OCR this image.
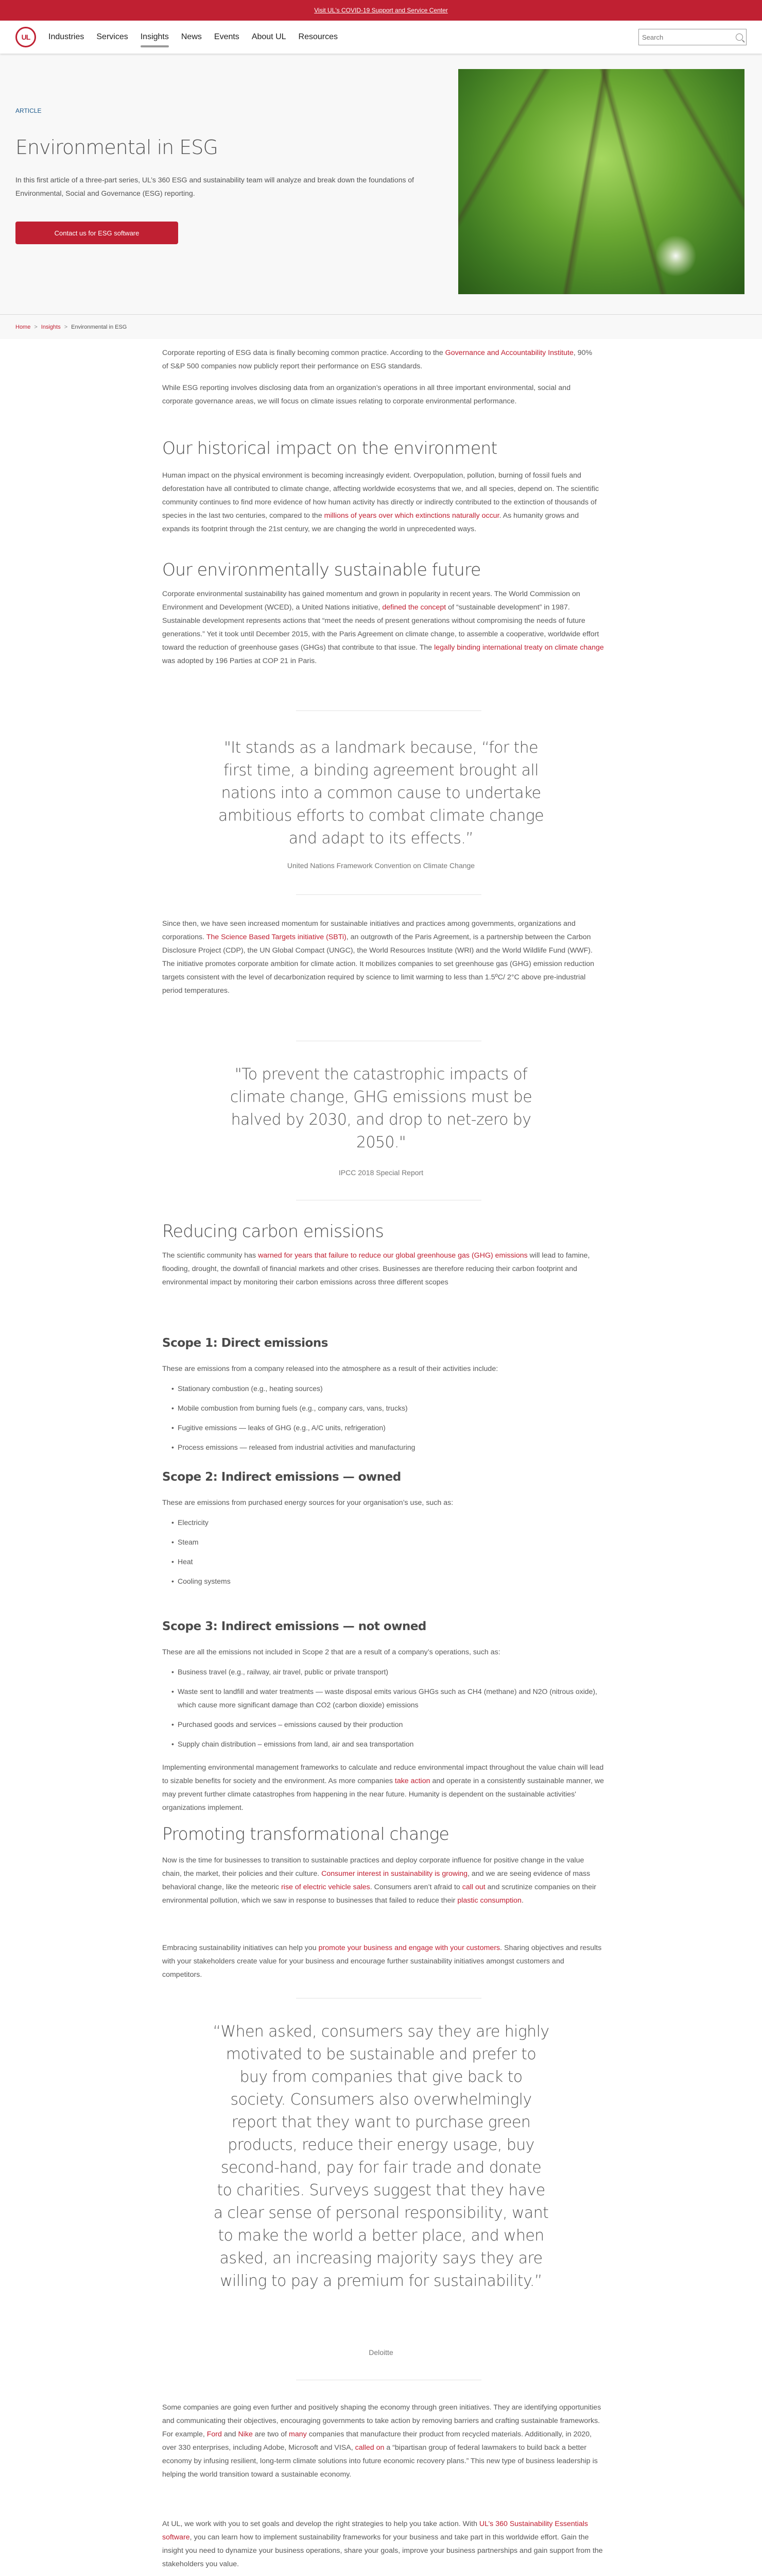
Visit UL's COVID-19 Support and Service Center
UL	Industries Services Insights News Events About UL Resources
Search
ARTICLE
Environmental in ESG

In this first article of a three-part series, UL’s 360 ESG and sustainability team will analyze and break down the foundations of Environmental, Social and Governance (ESG) reporting.

Contact us for ESG software
Home > Insights > Environmental in ESG

Corporate reporting of ESG data is finally becoming common practice. According to the Governance and Accountability Institute, 90% of S&P 500 companies now publicly report their performance on ESG standards.

While ESG reporting involves disclosing data from an organization’s operations in all three important environmental, social and corporate governance areas, we will focus on climate issues relating to corporate environmental performance.

Our historical impact on the environment

Human impact on the physical environment is becoming increasingly evident. Overpopulation, pollution, burning of fossil fuels and deforestation have all contributed to climate change, affecting worldwide ecosystems that we, and all species, depend on. The scientific community continues to find more evidence of how human activity has directly or indirectly contributed to the extinction of thousands of species in the last two centuries, compared to the millions of years over which extinctions naturally occur. As humanity grows and expands its footprint through the 21st century, we are changing the world in unprecedented ways.

Our environmentally sustainable future

Corporate environmental sustainability has gained momentum and grown in popularity in recent years. The World Commission on Environment and Development (WCED), a United Nations initiative, defined the concept of “sustainable development” in 1987. Sustainable development represents actions that “meet the needs of present generations without compromising the needs of future generations.” Yet it took until December 2015, with the Paris Agreement on climate change, to assemble a cooperative, worldwide effort toward the reduction of greenhouse gases (GHGs) that contribute to that issue. The legally binding international treaty on climate change was adopted by 196 Parties at COP 21 in Paris.

"It stands as a landmark because, “for the first time, a binding agreement brought all nations into a common cause to undertake ambitious efforts to combat climate change and adapt to its effects.”
United Nations Framework Convention on Climate Change

Since then, we have seen increased momentum for sustainable initiatives and practices among governments, organizations and corporations. The Science Based Targets initiative (SBTi), an outgrowth of the Paris Agreement, is a partnership between the Carbon Disclosure Project (CDP), the UN Global Compact (UNGC), the World Resources Institute (WRI) and the World Wildlife Fund (WWF). The initiative promotes corporate ambition for climate action. It mobilizes companies to set greenhouse gas (GHG) emission reduction targets consistent with the level of decarbonization required by science to limit warming to less than 1.5ºC/ 2°C above pre-industrial period temperatures.

"To prevent the catastrophic impacts of climate change, GHG emissions must be halved by 2030, and drop to net-zero by 2050."
IPCC 2018 Special Report
Reducing carbon emissions

The scientific community has warned for years that failure to reduce our global greenhouse gas (GHG) emissions will lead to famine, flooding, drought, the downfall of financial markets and other crises. Businesses are therefore reducing their carbon footprint and environmental impact by monitoring their carbon emissions across three different scopes

Scope 1: Direct emissions

These are emissions from a company released into the atmosphere as a result of their activities include:

• Stationary combustion (e.g., heating sources)
• Mobile combustion from burning fuels (e.g., company cars, vans, trucks)
• Fugitive emissions — leaks of GHG (e.g., A/C units, refrigeration)
• Process emissions — released from industrial activities and manufacturing
Scope 2: Indirect emissions — owned

These are emissions from purchased energy sources for your organisation’s use, such as:

• Electricity
• Steam
• Heat
• Cooling systems
Scope 3: Indirect emissions — not owned

These are all the emissions not included in Scope 2 that are a result of a company’s operations, such as:

• Business travel (e.g., railway, air travel, public or private transport)
• Waste sent to landfill and water treatments — waste disposal emits various GHGs such as CH4 (methane) and N2O (nitrous oxide), which cause more significant damage than CO2 (carbon dioxide) emissions
• Purchased goods and services – emissions caused by their production
• Supply chain distribution – emissions from land, air and sea transportation

Implementing environmental management frameworks to calculate and reduce environmental impact throughout the value chain will lead to sizable benefits for society and the environment. As more companies take action and operate in a consistently sustainable manner, we may prevent further climate catastrophes from happening in the near future. Humanity is dependent on the sustainable activities' organizations implement.

Promoting transformational change

Now is the time for businesses to transition to sustainable practices and deploy corporate influence for positive change in the value chain, the market, their policies and their culture. Consumer interest in sustainability is growing, and we are seeing evidence of mass behavioral change, like the meteoric rise of electric vehicle sales. Consumers aren’t afraid to call out and scrutinize companies on their environmental pollution, which we saw in response to businesses that failed to reduce their plastic consumption.

Embracing sustainability initiatives can help you promote your business and engage with your customers. Sharing objectives and results with your stakeholders create value for your business and encourage further sustainability initiatives amongst customers and competitors.

“When asked, consumers say they are highly motivated to be sustainable and prefer to buy from companies that give back to society. Consumers also overwhelmingly report that they want to purchase green products, reduce their energy usage, buy second-hand, pay for fair trade and donate to charities. Surveys suggest that they have a clear sense of personal responsibility, want to make the world a better place, and when asked, an increasing majority says they are willing to pay a premium for sustainability.”
Deloitte

Some companies are going even further and positively shaping the economy through green initiatives. They are identifying opportunities and communicating their objectives, encouraging governments to take action by removing barriers and crafting sustainable frameworks. For example, Ford and Nike are two of many companies that manufacture their product from recycled materials. Additionally, in 2020, over 330 enterprises, including Adobe, Microsoft and VISA, called on a “bipartisan group of federal lawmakers to build back a better economy by infusing resilient, long-term climate solutions into future economic recovery plans.” This new type of business leadership is helping the world transition toward a sustainable economy.

At UL, we work with you to set goals and develop the right strategies to help you take action. With UL’s 360 Sustainability Essentials software, you can learn how to implement sustainability frameworks for your business and take part in this worldwide effort. Gain the insight you need to dynamize your business operations, share your goals, improve your business partnerships and gain support from the stakeholders you value.
